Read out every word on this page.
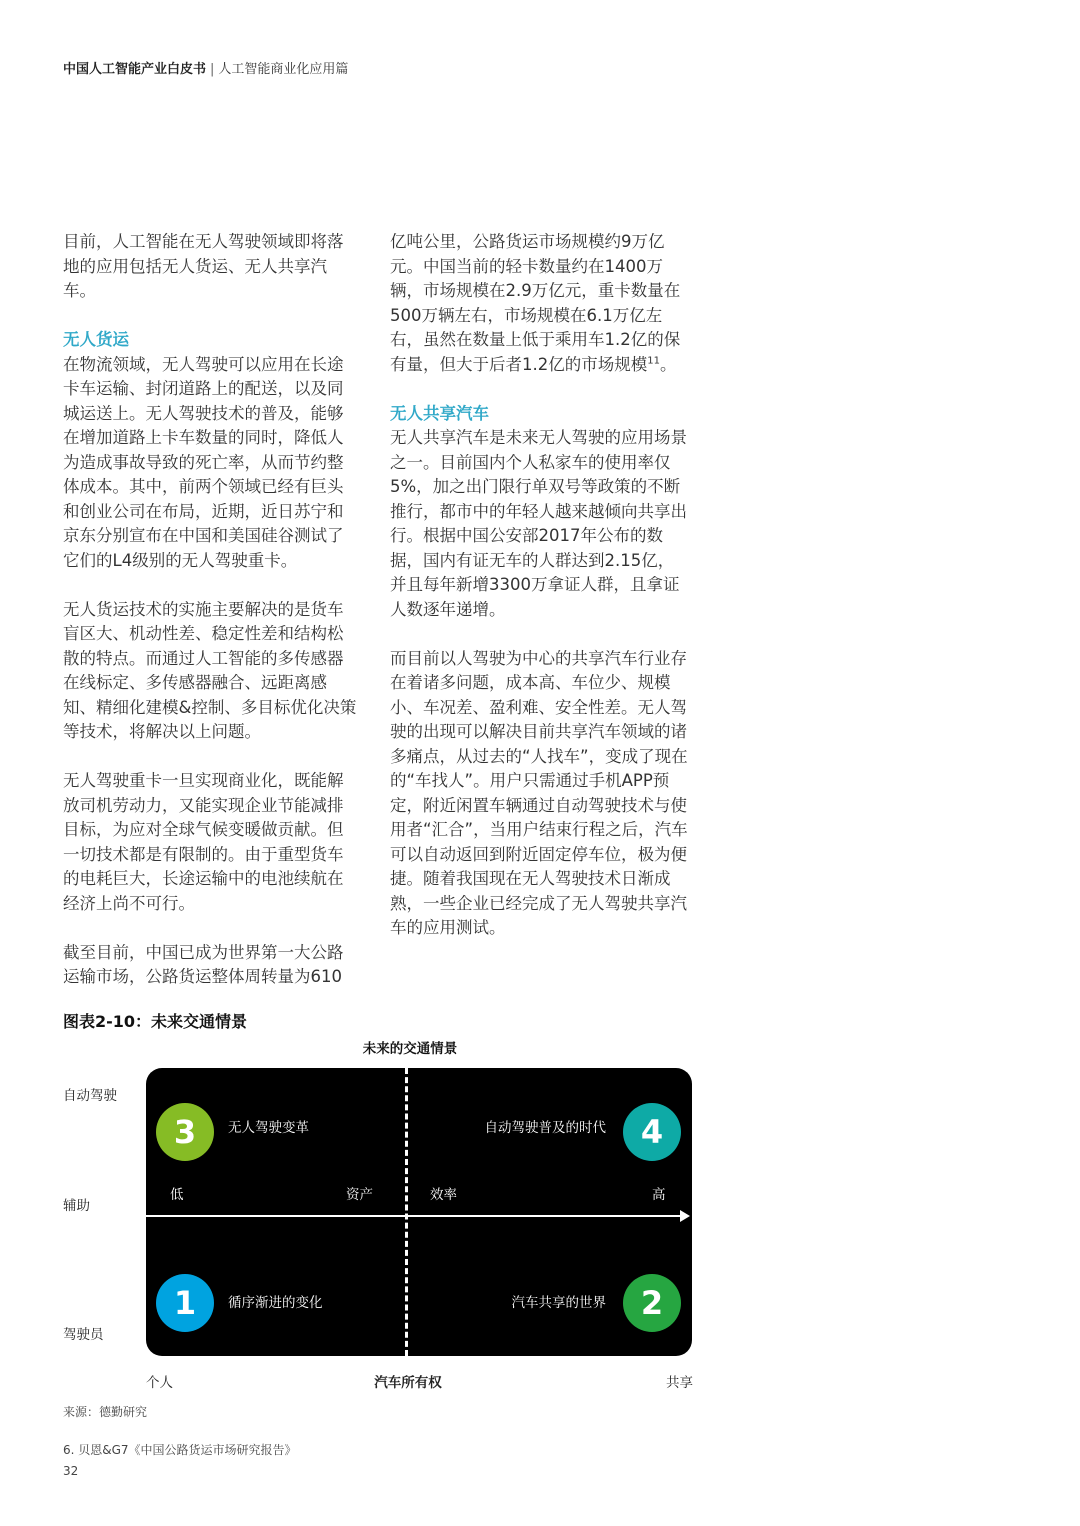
中国人工智能产业白皮书 | 人工智能商业化应用篇

目前，人工智能在无人驾驶领域即将落地的应用包括无人货运、无人共享汽车。

无人货运

在物流领域，无人驾驶可以应用在长途卡车运输、封闭道路上的配送，以及同城运送上。无人驾驶技术的普及，能够在增加道路上卡车数量的同时，降低人为造成事故导致的死亡率，从而节约整体成本。其中，前两个领域已经有巨头和创业公司在布局，近期，近日苏宁和京东分别宣布在中国和美国硅谷测试了它们的L4级别的无人驾驶重卡。

无人货运技术的实施主要解决的是货车盲区大、机动性差、稳定性差和结构松散的特点。而通过人工智能的多传感器在线标定、多传感器融合、远距离感知、精细化建模&控制、多目标优化决策等技术，将解决以上问题。

无人驾驶重卡一旦实现商业化，既能解放司机劳动力，又能实现企业节能减排目标，为应对全球气候变暖做贡献。但一切技术都是有限制的。由于重型货车的电耗巨大，长途运输中的电池续航在经济上尚不可行。

截至目前，中国已成为世界第一大公路运输市场，公路货运整体周转量为610

亿吨公里，公路货运市场规模约9万亿元。中国当前的轻卡数量约在1400万辆，市场规模在2.9万亿元，重卡数量在500万辆左右，市场规模在6.1万亿左右，虽然在数量上低于乘用车1.2亿的保有量，但大于后者1.2亿的市场规模$^{11}$。

无人共享汽车

无人共享汽车是未来无人驾驶的应用场景之一。目前国内个人私家车的使用率仅5%，加之出门限行单双号等政策的不断推行，都市中的年轻人越来越倾向共享出行。根据中国公安部2017年公布的数据，国内有证无车的人群达到2.15亿，并且每年新增3300万拿证人群，且拿证人数逐年递增。

而目前以人驾驶为中心的共享汽车行业存在着诸多问题，成本高、车位少、规模小、车况差、盈利难、安全性差。无人驾驶的出现可以解决目前共享汽车领域的诸多痛点，从过去的“人找车”，变成了现在的“车找人”。用户只需通过手机APP预定，附近闲置车辆通过自动驾驶技术与使用者“汇合”，当用户结束行程之后，汽车可以自动返回到附近固定停车位，极为便捷。随着我国现在无人驾驶技术日渐成熟，一些企业已经完成了无人驾驶共享汽车的应用测试。

图表2-10：未来交通情景
未来的交通情景
自动驾驶
辅助
驾驶员
3	无人驾驶变革	4
自动驾驶普及的时代
1	循序渐进的变化	2
汽车共享的世界
低	资产	效率	高
个人	汽车所有权	共享
来源：德勤研究
6. 贝恩&G7《中国公路货运市场研究报告》
32
